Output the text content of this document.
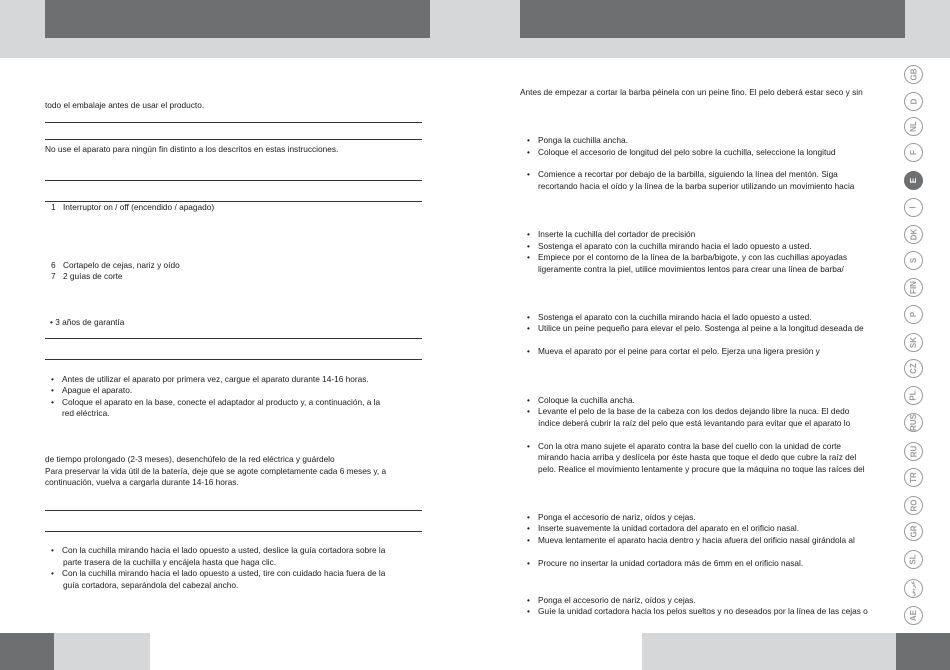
todo el embalaje antes de usar el producto.
No use el aparato para ningún fin distinto a los descritos en estas instrucciones.
1 Interruptor on / off (encendido / apagado)
6 Cortapelo de cejas, nariz y oído
7 2 guías de corte
• 3 años de garantía
• Antes de utilizar el aparato por primera vez, cargue el aparato durante 14-16 horas.
• Apague el aparato.
• Coloque el aparato en la base, conecte el adaptador al producto y, a continuación, a la
red eléctrica.
de tiempo prolongado (2-3 meses), desenchúfelo de la red eléctrica y guárdelo
Para preservar la vida útil de la batería, deje que se agote completamente cada 6 meses y, a
continuación, vuelva a cargarla durante 14-16 horas.
• Con la cuchilla mirando hacia el lado opuesto a usted, deslice la guía cortadora sobre la
parte trasera de la cuchilla y encájela hasta que haga clic.
• Con la cuchilla mirando hacia el lado opuesto a usted, tire con cuidado hacia fuera de la
guía cortadora, separándola del cabezal ancho.
Antes de empezar a cortar la barba péinela con un peine fino. El pelo deberá estar seco y sin
• Ponga la cuchilla ancha.
• Coloque el accesorio de longitud del pelo sobre la cuchilla, seleccione la longitud
• Comience a recortar por debajo de la barbilla, siguiendo la línea del mentón. Siga
recortando hacia el oído y la línea de la barba superior utilizando un movimiento hacia
• Inserte la cuchilla del cortador de precisión
• Sostenga el aparato con la cuchilla mirando hacia el lado opuesto a usted.
• Empiece por el contorno de la línea de la barba/bigote, y con las cuchillas apoyadas
ligeramente contra la piel, utilice movimientos lentos para crear una línea de barba/
• Sostenga el aparato con la cuchilla mirando hacia el lado opuesto a usted.
• Utilice un peine pequeño para elevar el pelo. Sostenga al peine a la longitud deseada de
• Mueva el aparato por el peine para cortar el pelo. Ejerza una ligera presión y
• Coloque la cuchilla ancha.
• Levante el pelo de la base de la cabeza con los dedos dejando libre la nuca. El dedo
índice deberá cubrir la raíz del pelo que está levantando para evitar que el aparato lo
• Con la otra mano sujete el aparato contra la base del cuello con la unidad de corte
mirando hacia arriba y deslícela por éste hasta que toque el dedo que cubre la raíz del
pelo. Realice el movimiento lentamente y procure que la máquina no toque las raíces del
• Ponga el accesorio de nariz, oídos y cejas.
• Inserte suavemente la unidad cortadora del aparato en el orificio nasal.
• Mueva lentamente el aparato hacia dentro y hacia afuera del orificio nasal girándola al
• Procure no insertar la unidad cortadora más de 6mm en el orificio nasal.
• Ponga el accesorio de nariz, oídos y cejas.
• Guíe la unidad cortadora hacia los pelos sueltos y no deseados por la línea de las cejas o
GB
D
NL
F
E
I
DK
S
FIN
P
SK
CZ
PL
RUS
RU
TR
RO
GR
SL
عربي
AE
